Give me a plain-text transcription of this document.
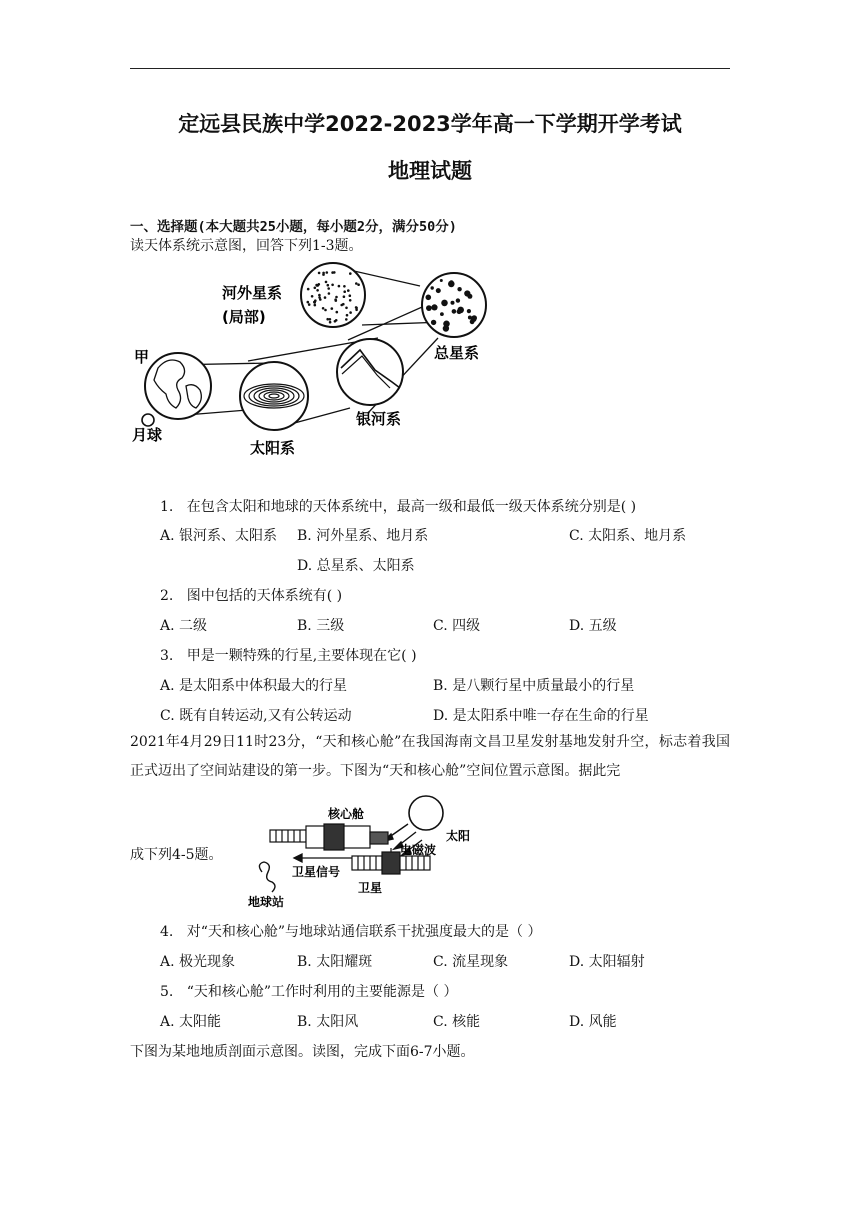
定远县民族中学2022-2023学年高一下学期开学考试
地理试题
一、选择题(本大题共25小题，每小题2分，满分50分)
读天体系统示意图，回答下列1-3题。
河外星系
(局部)
总星系
甲
银河系
月球
太阳系
1. 在包含太阳和地球的天体系统中，最高一级和最低一级天体系统分别是( )
A. 银河系、太阳系 B. 河外星系、地月系	C. 太阳系、地月系
D. 总星系、太阳系
2. 图中包括的天体系统有( )
A. 二级	B. 三级	C. 四级	D. 五级
3. 甲是一颗特殊的行星,主要体现在它( )
A. 是太阳系中体积最大的行星	B. 是八颗行星中质量最小的行星
C. 既有自转运动,又有公转运动	D. 是太阳系中唯一存在生命的行星
2021年4月29日11时23分，“天和核心舱”在我国海南文昌卫星发射基地发射升空，标志着我国正式迈出了空间站建设的第一步。下图为“天和核心舱”空间位置示意图。据此完
成下列4-5题。
核心舱
太阳
电磁波
卫星信号
卫星
地球站
4. 对“天和核心舱”与地球站通信联系干扰强度最大的是（ ）
A. 极光现象	B. 太阳耀斑	C. 流星现象	D. 太阳辐射
5. “天和核心舱”工作时利用的主要能源是（ ）
A. 太阳能	B. 太阳风	C. 核能	D. 风能
下图为某地地质剖面示意图。读图，完成下面6-7小题。
